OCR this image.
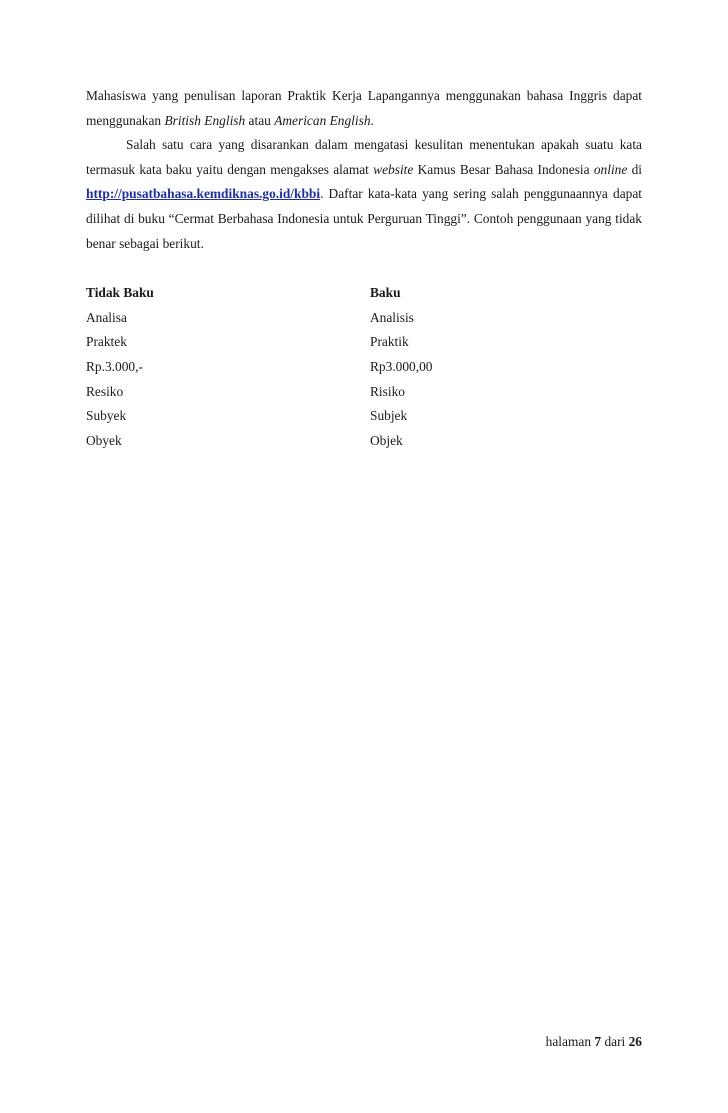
Mahasiswa yang penulisan laporan Praktik Kerja Lapangannya menggunakan bahasa Inggris dapat menggunakan British English atau American English.

Salah satu cara yang disarankan dalam mengatasi kesulitan menentukan apakah suatu kata termasuk kata baku yaitu dengan mengakses alamat website Kamus Besar Bahasa Indonesia online di http://pusatbahasa.kemdiknas.go.id/kbbi. Daftar kata-kata yang sering salah penggunaannya dapat dilihat di buku “Cermat Berbahasa Indonesia untuk Perguruan Tinggi”. Contoh penggunaan yang tidak benar sebagai berikut.

Tidak Baku	Baku
Analisa	Analisis
Praktek	Praktik
Rp.3.000,-	Rp3.000,00
Resiko	Risiko
Subyek	Subjek
Obyek	Objek
halaman 7 dari 26
